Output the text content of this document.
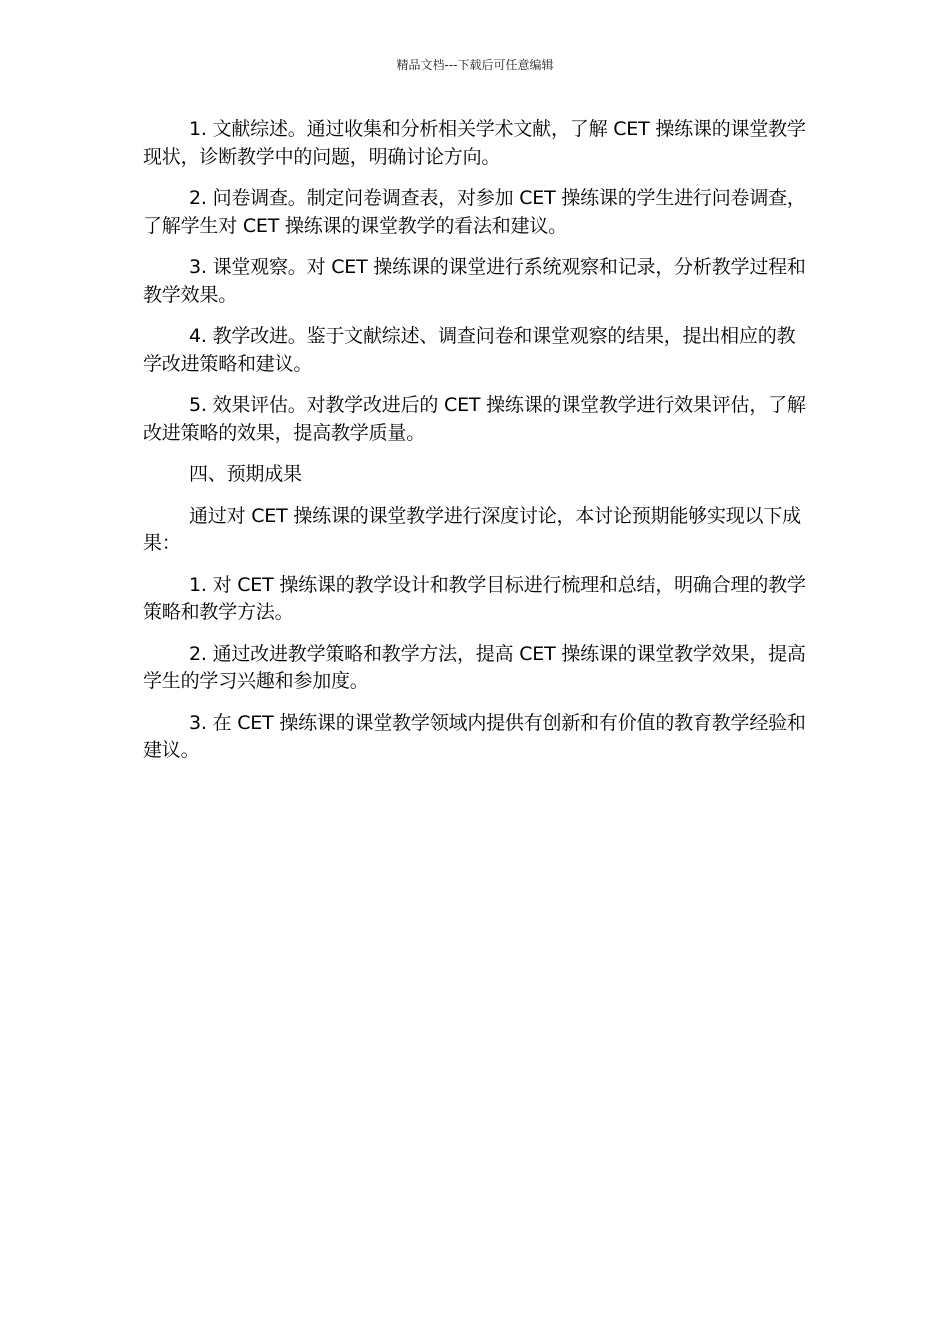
精品文档---下载后可任意编辑

1. 文献综述。通过收集和分析相关学术文献，了解 CET 操练课的课堂教学现状，诊断教学中的问题，明确讨论方向。

2. 问卷调查。制定问卷调查表，对参加 CET 操练课的学生进行问卷调查，了解学生对 CET 操练课的课堂教学的看法和建议。

3. 课堂观察。对 CET 操练课的课堂进行系统观察和记录，分析教学过程和教学效果。

4. 教学改进。鉴于文献综述、调查问卷和课堂观察的结果，提出相应的教学改进策略和建议。

5. 效果评估。对教学改进后的 CET 操练课的课堂教学进行效果评估，了解改进策略的效果，提高教学质量。

四、预期成果

通过对 CET 操练课的课堂教学进行深度讨论，本讨论预期能够实现以下成果：

1. 对 CET 操练课的教学设计和教学目标进行梳理和总结，明确合理的教学策略和教学方法。

2. 通过改进教学策略和教学方法，提高 CET 操练课的课堂教学效果，提高学生的学习兴趣和参加度。

3. 在 CET 操练课的课堂教学领域内提供有创新和有价值的教育教学经验和建议。
